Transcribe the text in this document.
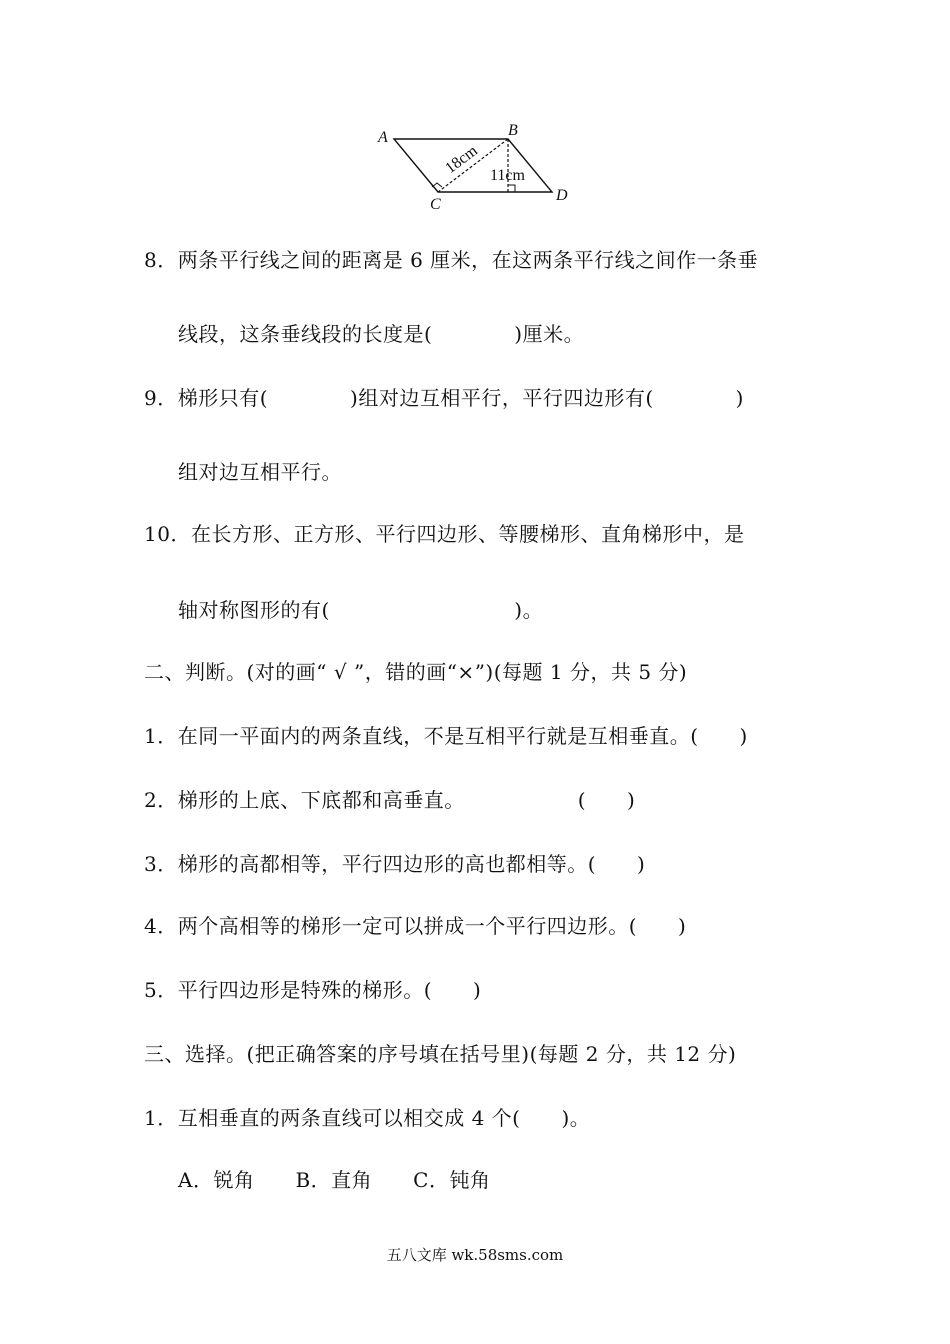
A	B
C
D
18cm 11cm
8．两条平行线之间的距离是 6 厘米，在这两条平行线之间作一条垂
线段，这条垂线段的长度是(　　　　)厘米。
9．梯形只有(　　　　)组对边互相平行，平行四边形有(　　　　)
组对边互相平行。
10．在长方形、正方形、平行四边形、等腰梯形、直角梯形中，是
轴对称图形的有(　　　　　　　　　)。
二、判断。(对的画“ √ ”，错的画“×”)(每题 1 分，共 5 分)
1．在同一平面内的两条直线，不是互相平行就是互相垂直。(　　)
2．梯形的上底、下底都和高垂直。　　　　　　(　　)
3．梯形的高都相等，平行四边形的高也都相等。(　　)
4．两个高相等的梯形一定可以拼成一个平行四边形。(　　)
5．平行四边形是特殊的梯形。(　　)
三、选择。(把正确答案的序号填在括号里)(每题 2 分，共 12 分)
1．互相垂直的两条直线可以相交成 4 个(　　)。
A．锐角　　B．直角　　C．钝角
五八文库 wk.58sms.com
